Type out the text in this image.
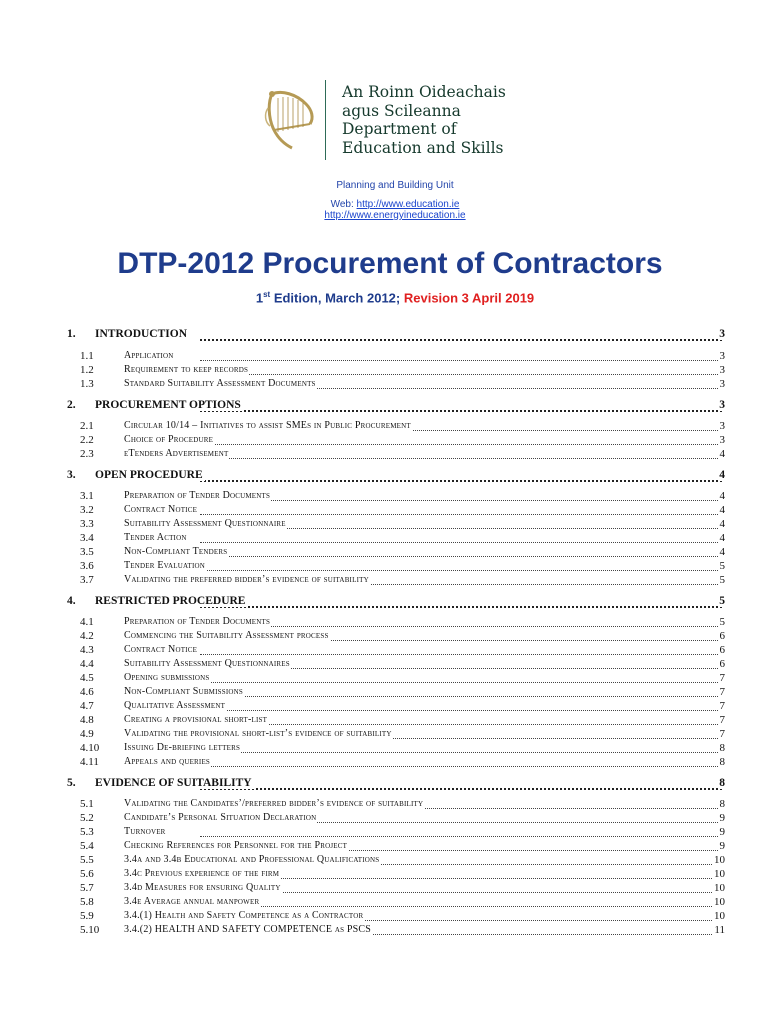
An Roinn Oideachais
agus Scileanna
Department of
Education and Skills
Planning and Building Unit
Web: http://www.education.ie
http://www.energyineducation.ie
DTP-2012 Procurement of Contractors
1st Edition, March 2012; Revision 3 April 2019
1. INTRODUCTION	3
1.1	Application	3
1.2	Requirement to keep records	3
1.3	Standard Suitability Assessment Documents	3
2. PROCUREMENT OPTIONS	3
2.1	Circular 10/14 – Initiatives to assist SMEs in Public Procurement	3
2.2	Choice of Procedure	3
2.3	eTenders Advertisement	4
3. OPEN PROCEDURE	4
3.1	Preparation of Tender Documents	4
3.2	Contract Notice	4
3.3	Suitability Assessment Questionnaire	4
3.4	Tender Action	4
3.5	Non-Compliant Tenders	4
3.6	Tender Evaluation	5
3.7	Validating the preferred bidder’s evidence of suitability	5
4. RESTRICTED PROCEDURE	5
4.1	Preparation of Tender Documents	5
4.2	Commencing the Suitability Assessment process	6
4.3	Contract Notice	6
4.4	Suitability Assessment Questionnaires	6
4.5	Opening submissions	7
4.6	Non-Compliant Submissions	7
4.7	Qualitative Assessment	7
4.8	Creating a provisional short-list	7
4.9	Validating the provisional short-list’s evidence of suitability	7
4.10 Issuing De-briefing letters	8
4.11	Appeals and queries	8
5. EVIDENCE OF SUITABILITY	8
5.1	Validating the Candidates’/preferred bidder’s evidence of suitability	8
5.2	Candidate’s Personal Situation Declaration	9
5.3	Turnover	9
5.4	Checking References for Personnel for the Project	9
5.5	3.4a and 3.4b Educational and Professional Qualifications	10
5.6	3.4c Previous experience of the firm	10
5.7	3.4d Measures for ensuring Quality	10
5.8	3.4e Average annual manpower	10
5.9	3.4.(1) Health and Safety Competence as a Contractor	10
5.10 3.4.(2) HEALTH AND SAFETY COMPETENCE as PSCS	11
